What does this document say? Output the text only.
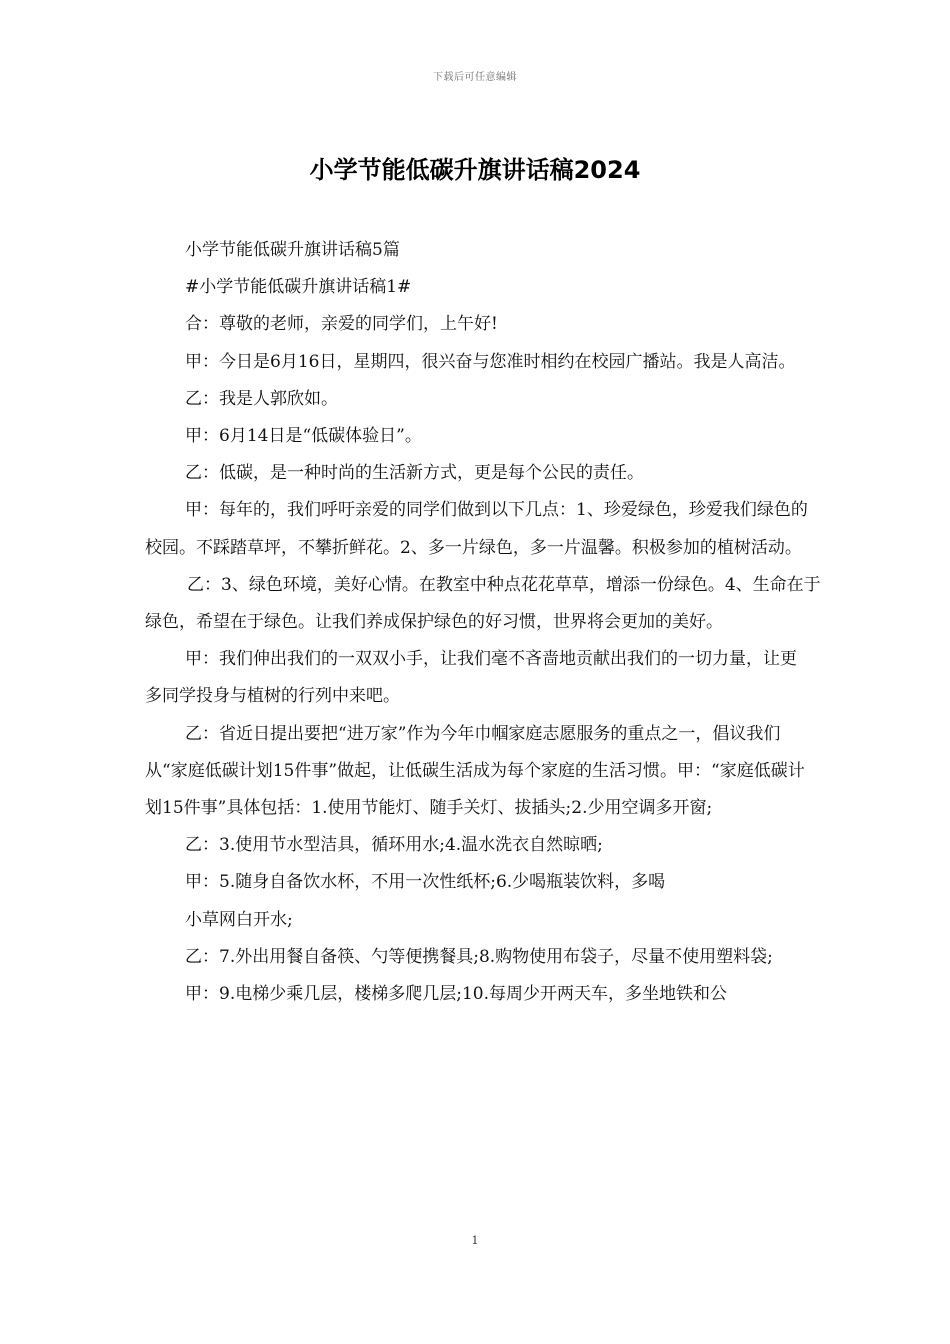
下载后可任意编辑
小学节能低碳升旗讲话稿2024

小学节能低碳升旗讲话稿5篇

#小学节能低碳升旗讲话稿1#

合：尊敬的老师，亲爱的同学们，上午好!

甲：今日是6月16日，星期四，很兴奋与您准时相约在校园广播站。我是人高洁。

乙：我是人郭欣如。

甲：6月14日是“低碳体验日”。

乙：低碳，是一种时尚的生活新方式，更是每个公民的责任。

甲：每年的，我们呼吁亲爱的同学们做到以下几点：1、珍爱绿色，珍爱我们绿色的校园。不踩踏草坪，不攀折鲜花。2、多一片绿色，多一片温馨。积极参加的植树活动。

乙：3、绿色环境，美好心情。在教室中种点花花草草，增添一份绿色。4、生命在于绿色，希望在于绿色。让我们养成保护绿色的好习惯，世界将会更加的美好。

甲：我们伸出我们的一双双小手，让我们毫不吝啬地贡献出我们的一切力量，让更多同学投身与植树的行列中来吧。

乙：省近日提出要把“进万家”作为今年巾帼家庭志愿服务的重点之一，倡议我们从“家庭低碳计划15件事”做起，让低碳生活成为每个家庭的生活习惯。甲：“家庭低碳计划15件事”具体包括：1.使用节能灯、随手关灯、拔插头;2.少用空调多开窗;

乙：3.使用节水型洁具，循环用水;4.温水洗衣自然晾晒;

甲：5.随身自备饮水杯，不用一次性纸杯;6.少喝瓶装饮料，多喝

小草网白开水;

乙：7.外出用餐自备筷、勺等便携餐具;8.购物使用布袋子，尽量不使用塑料袋;

甲：9.电梯少乘几层，楼梯多爬几层;10.每周少开两天车，多坐地铁和公

1
